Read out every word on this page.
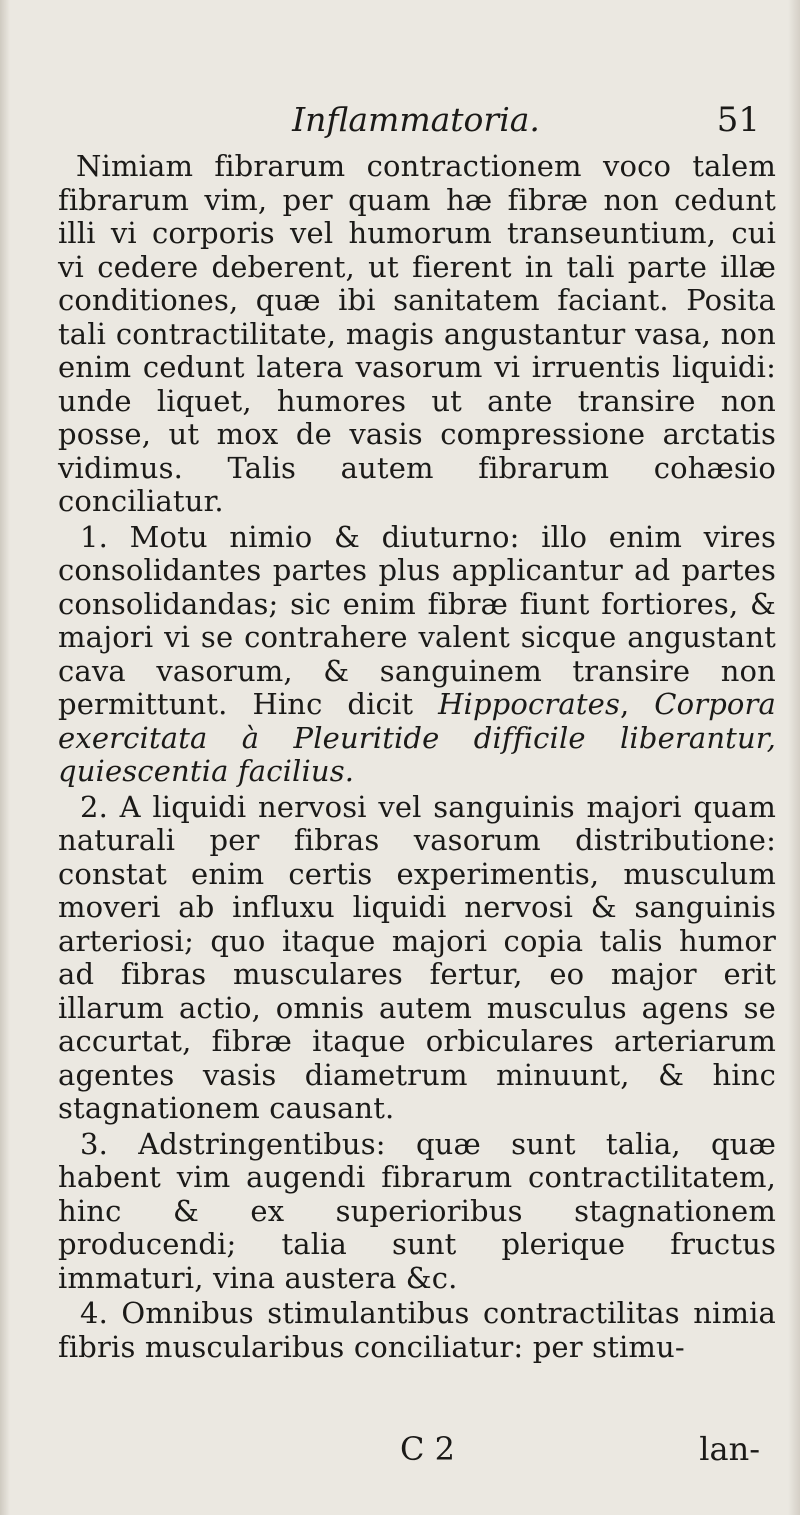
Inflammatoria.	51

Nimiam fibrarum contractionem voco talem fibrarum vim, per quam hæ fibræ non cedunt illi vi corporis vel humorum transeuntium, cui vi cedere deberent, ut fierent in tali parte illæ conditiones, quæ ibi sanitatem faciant. Posita tali contractilitate, magis angustantur vasa, non enim cedunt latera vasorum vi irruentis liquidi: unde liquet, humores ut ante transire non posse, ut mox de vasis compressione arctatis vidimus. Talis autem fibrarum cohæsio conciliatur.

1. Motu nimio & diuturno: illo enim vires consolidantes partes plus applicantur ad partes consolidandas; sic enim fibræ fiunt fortiores, & majori vi se contrahere valent sicque angustant cava vasorum, & sanguinem transire non permittunt. Hinc dicit Hippocrates, Corpora exercitata à Pleuritide difficile liberantur, quiescentia facilius.

2. A liquidi nervosi vel sanguinis majori quam naturali per fibras vasorum distributione: constat enim certis experimentis, musculum moveri ab influxu liquidi nervosi & sanguinis arteriosi; quo itaque majori copia talis humor ad fibras musculares fertur, eo major erit illarum actio, omnis autem musculus agens se accurtat, fibræ itaque orbiculares arteriarum agentes vasis diametrum minuunt, & hinc stagnationem causant.

3. Adstringentibus: quæ sunt talia, quæ habent vim augendi fibrarum contractilitatem, hinc & ex superioribus stagnationem producendi; talia sunt plerique fructus immaturi, vina austera &c.

4. Omnibus stimulantibus contractilitas nimia fibris muscularibus conciliatur: per stimu-

C 2	lan-
